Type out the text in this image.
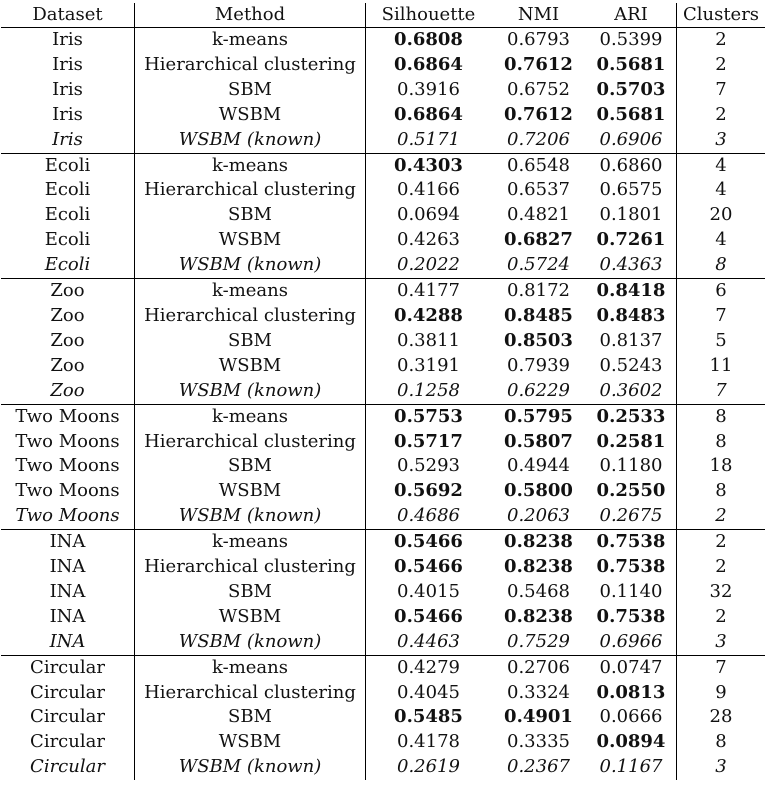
Dataset	Method	Silhouette	NMI	ARI	Clusters
Iris	k-means	0.6808	0.6793	0.5399	2
Iris	Hierarchical clustering	0.6864	0.7612	0.5681	2
Iris	SBM	0.3916	0.6752	0.5703	7
Iris	WSBM	0.6864	0.7612	0.5681	2
Iris	WSBM (known)	0.5171	0.7206	0.6906	3
Ecoli	k-means	0.4303	0.6548	0.6860	4
Ecoli	Hierarchical clustering	0.4166	0.6537	0.6575	4
Ecoli	SBM	0.0694	0.4821	0.1801	20
Ecoli	WSBM	0.4263	0.6827	0.7261	4
Ecoli	WSBM (known)	0.2022	0.5724	0.4363	8
Zoo	k-means	0.4177	0.8172	0.8418	6
Zoo	Hierarchical clustering	0.4288	0.8485	0.8483	7
Zoo	SBM	0.3811	0.8503	0.8137	5
Zoo	WSBM	0.3191	0.7939	0.5243	11
Zoo	WSBM (known)	0.1258	0.6229	0.3602	7
Two Moons	k-means	0.5753	0.5795	0.2533	8
Two Moons	Hierarchical clustering	0.5717	0.5807	0.2581	8
Two Moons	SBM	0.5293	0.4944	0.1180	18
Two Moons	WSBM	0.5692	0.5800	0.2550	8
Two Moons	WSBM (known)	0.4686	0.2063	0.2675	2
INA	k-means	0.5466	0.8238	0.7538	2
INA	Hierarchical clustering	0.5466	0.8238	0.7538	2
INA	SBM	0.4015	0.5468	0.1140	32
INA	WSBM	0.5466	0.8238	0.7538	2
INA	WSBM (known)	0.4463	0.7529	0.6966	3
Circular	k-means	0.4279	0.2706	0.0747	7
Circular	Hierarchical clustering	0.4045	0.3324	0.0813	9
Circular	SBM	0.5485	0.4901	0.0666	28
Circular	WSBM	0.4178	0.3335	0.0894	8
Circular	WSBM (known)	0.2619	0.2367	0.1167	3
